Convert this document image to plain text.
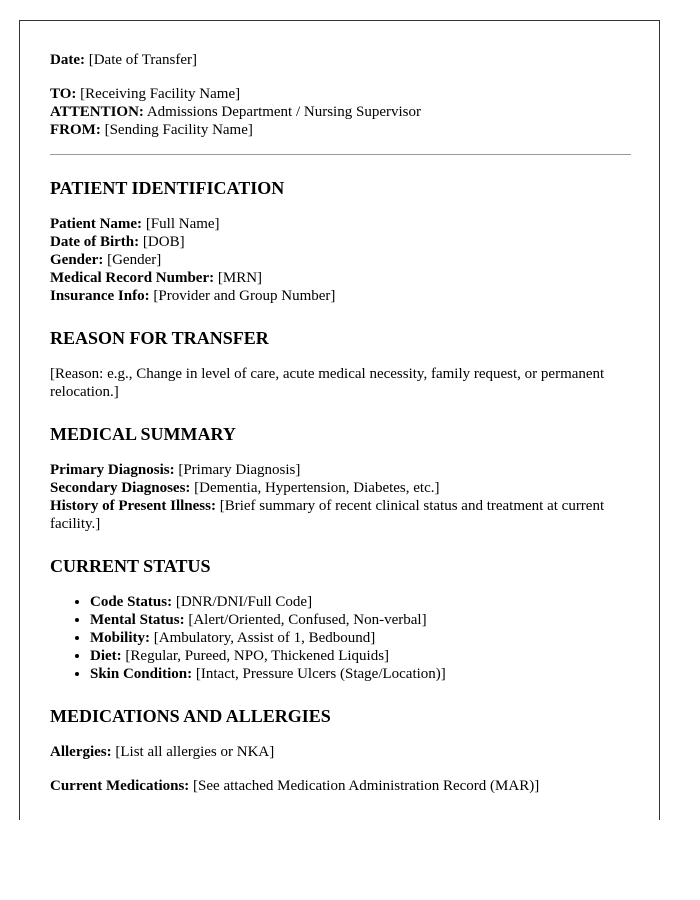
Date: [Date of Transfer]
TO: [Receiving Facility Name]
ATTENTION: Admissions Department / Nursing Supervisor
FROM: [Sending Facility Name]
PATIENT IDENTIFICATION
Patient Name: [Full Name]
Date of Birth: [DOB]
Gender: [Gender]
Medical Record Number: [MRN]
Insurance Info: [Provider and Group Number]
REASON FOR TRANSFER

[Reason: e.g., Change in level of care, acute medical necessity, family request, or permanent relocation.]

MEDICAL SUMMARY
Primary Diagnosis: [Primary Diagnosis]
Secondary Diagnoses: [Dementia, Hypertension, Diabetes, etc.]
History of Present Illness: [Brief summary of recent clinical status and treatment at current facility.]
CURRENT STATUS
• Code Status: [DNR/DNI/Full Code]
• Mental Status: [Alert/Oriented, Confused, Non-verbal]
• Mobility: [Ambulatory, Assist of 1, Bedbound]
• Diet: [Regular, Pureed, NPO, Thickened Liquids]
• Skin Condition: [Intact, Pressure Ulcers (Stage/Location)]
MEDICATIONS AND ALLERGIES
Allergies: [List all allergies or NKA]
Current Medications: [See attached Medication Administration Record (MAR)]
